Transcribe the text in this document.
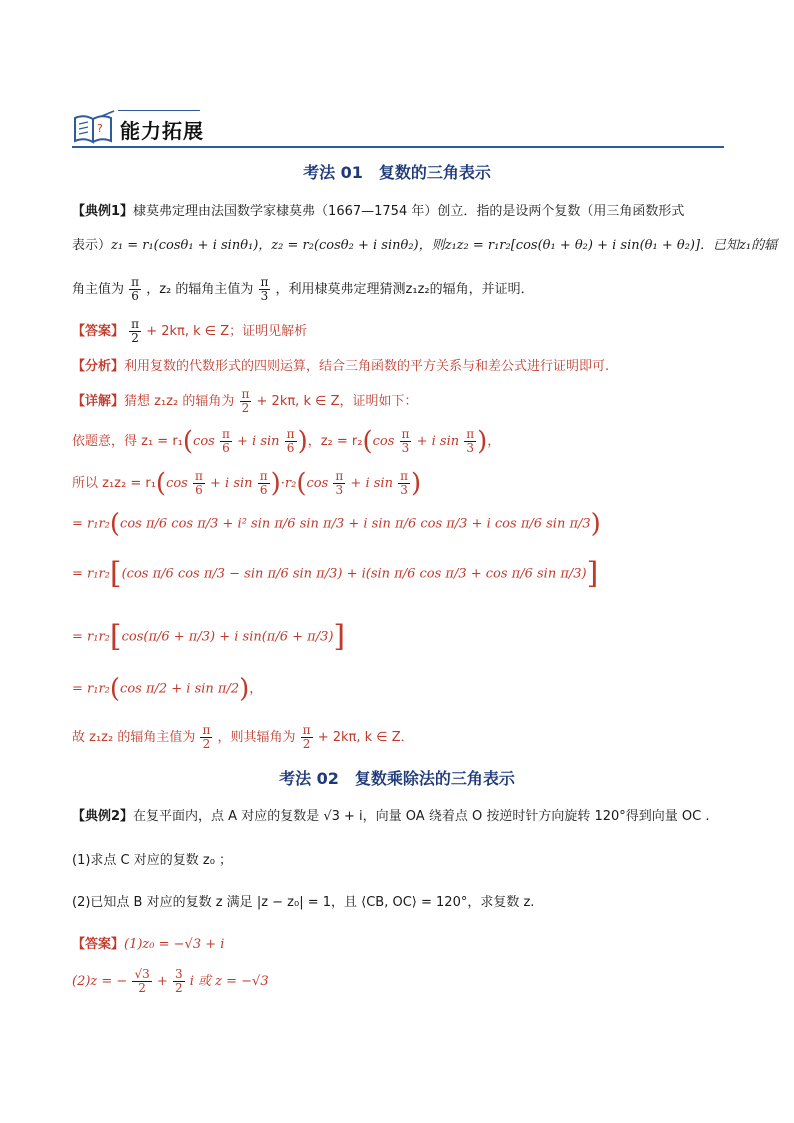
? 能力拓展
考法 01　复数的三角表示
【典例1】棣莫弗定理由法国数学家棣莫弗（1667—1754 年）创立．指的是设两个复数（用三角函数形式
表示）z₁ = r₁(cosθ₁ + i sinθ₁)，z₂ = r₂(cosθ₂ + i sinθ₂)，则z₁z₂ = r₁r₂[cos(θ₁ + θ₂) + i sin(θ₁ + θ₂)]．已知z₁的辐
角主值为 $\frac{\pi}{6}$ ，z₂ 的辐角主值为 $\frac{\pi}{3}$ ，利用棣莫弗定理猜测z₁z₂的辐角，并证明．
【答案】 $\frac{\pi}{2} + 2k\pi$, k ∈ Z；证明见解析
【分析】利用复数的代数形式的四则运算，结合三角函数的平方关系与和差公式进行证明即可.
【详解】猜想 z₁z₂ 的辐角为 $\frac{\pi}{2} + 2k\pi$, k ∈ Z，证明如下：
依题意，得 $z_1 = r_1(\cos \frac{\pi}{6} + i$ $\sin \frac{\pi}{6}$ )，$z_2 = r_2(\cos \frac{\pi}{3} + i$ $\sin \frac{\pi}{3}$ )，
所以 $z_1z_2 = r_1(\cos \frac{\pi}{6} + i$ $\sin \frac{\pi}{6} )\cdot r_2(\cos \frac{\pi}{3} + i$ $\sin \frac{\pi}{3}$ )
= r₁r₂(cos π/6 cos π/3 + i² sin π/6 sin π/3 + i sin π/6 cos π/3 + i cos π/6 sin π/3)
= r₁r₂[(cos π/6 cos π/3 − sin π/6 sin π/3) + i(sin π/6 cos π/3 + cos π/6 sin π/3)]
= r₁r₂[cos(π/6 + π/3) + i sin(π/6 + π/3)]
= r₁r₂(cos π/2 + i sin π/2)，
故 z₁z₂ 的辐角主值为 $\frac{\pi}{2}$ ，则其辐角为 $\frac{\pi}{2} + 2k\pi$, k ∈ Z．
考法 02　复数乘除法的三角表示
【典例2】在复平面内，点 A 对应的复数是 √3 + i，向量 OA 绕着点 O 按逆时针方向旋转 120°得到向量 OC .
(1)求点 C 对应的复数 z₀ ；
(2)已知点 B 对应的复数 z 满足 |z − z₀| = 1，且 ⟨CB, OC⟩ = 120°，求复数 z.
【答案】(1)z₀ = −√3 + i
(2)z = − $\frac{√3}{2} + \frac{3}{2}$ i 或 z = −√3
